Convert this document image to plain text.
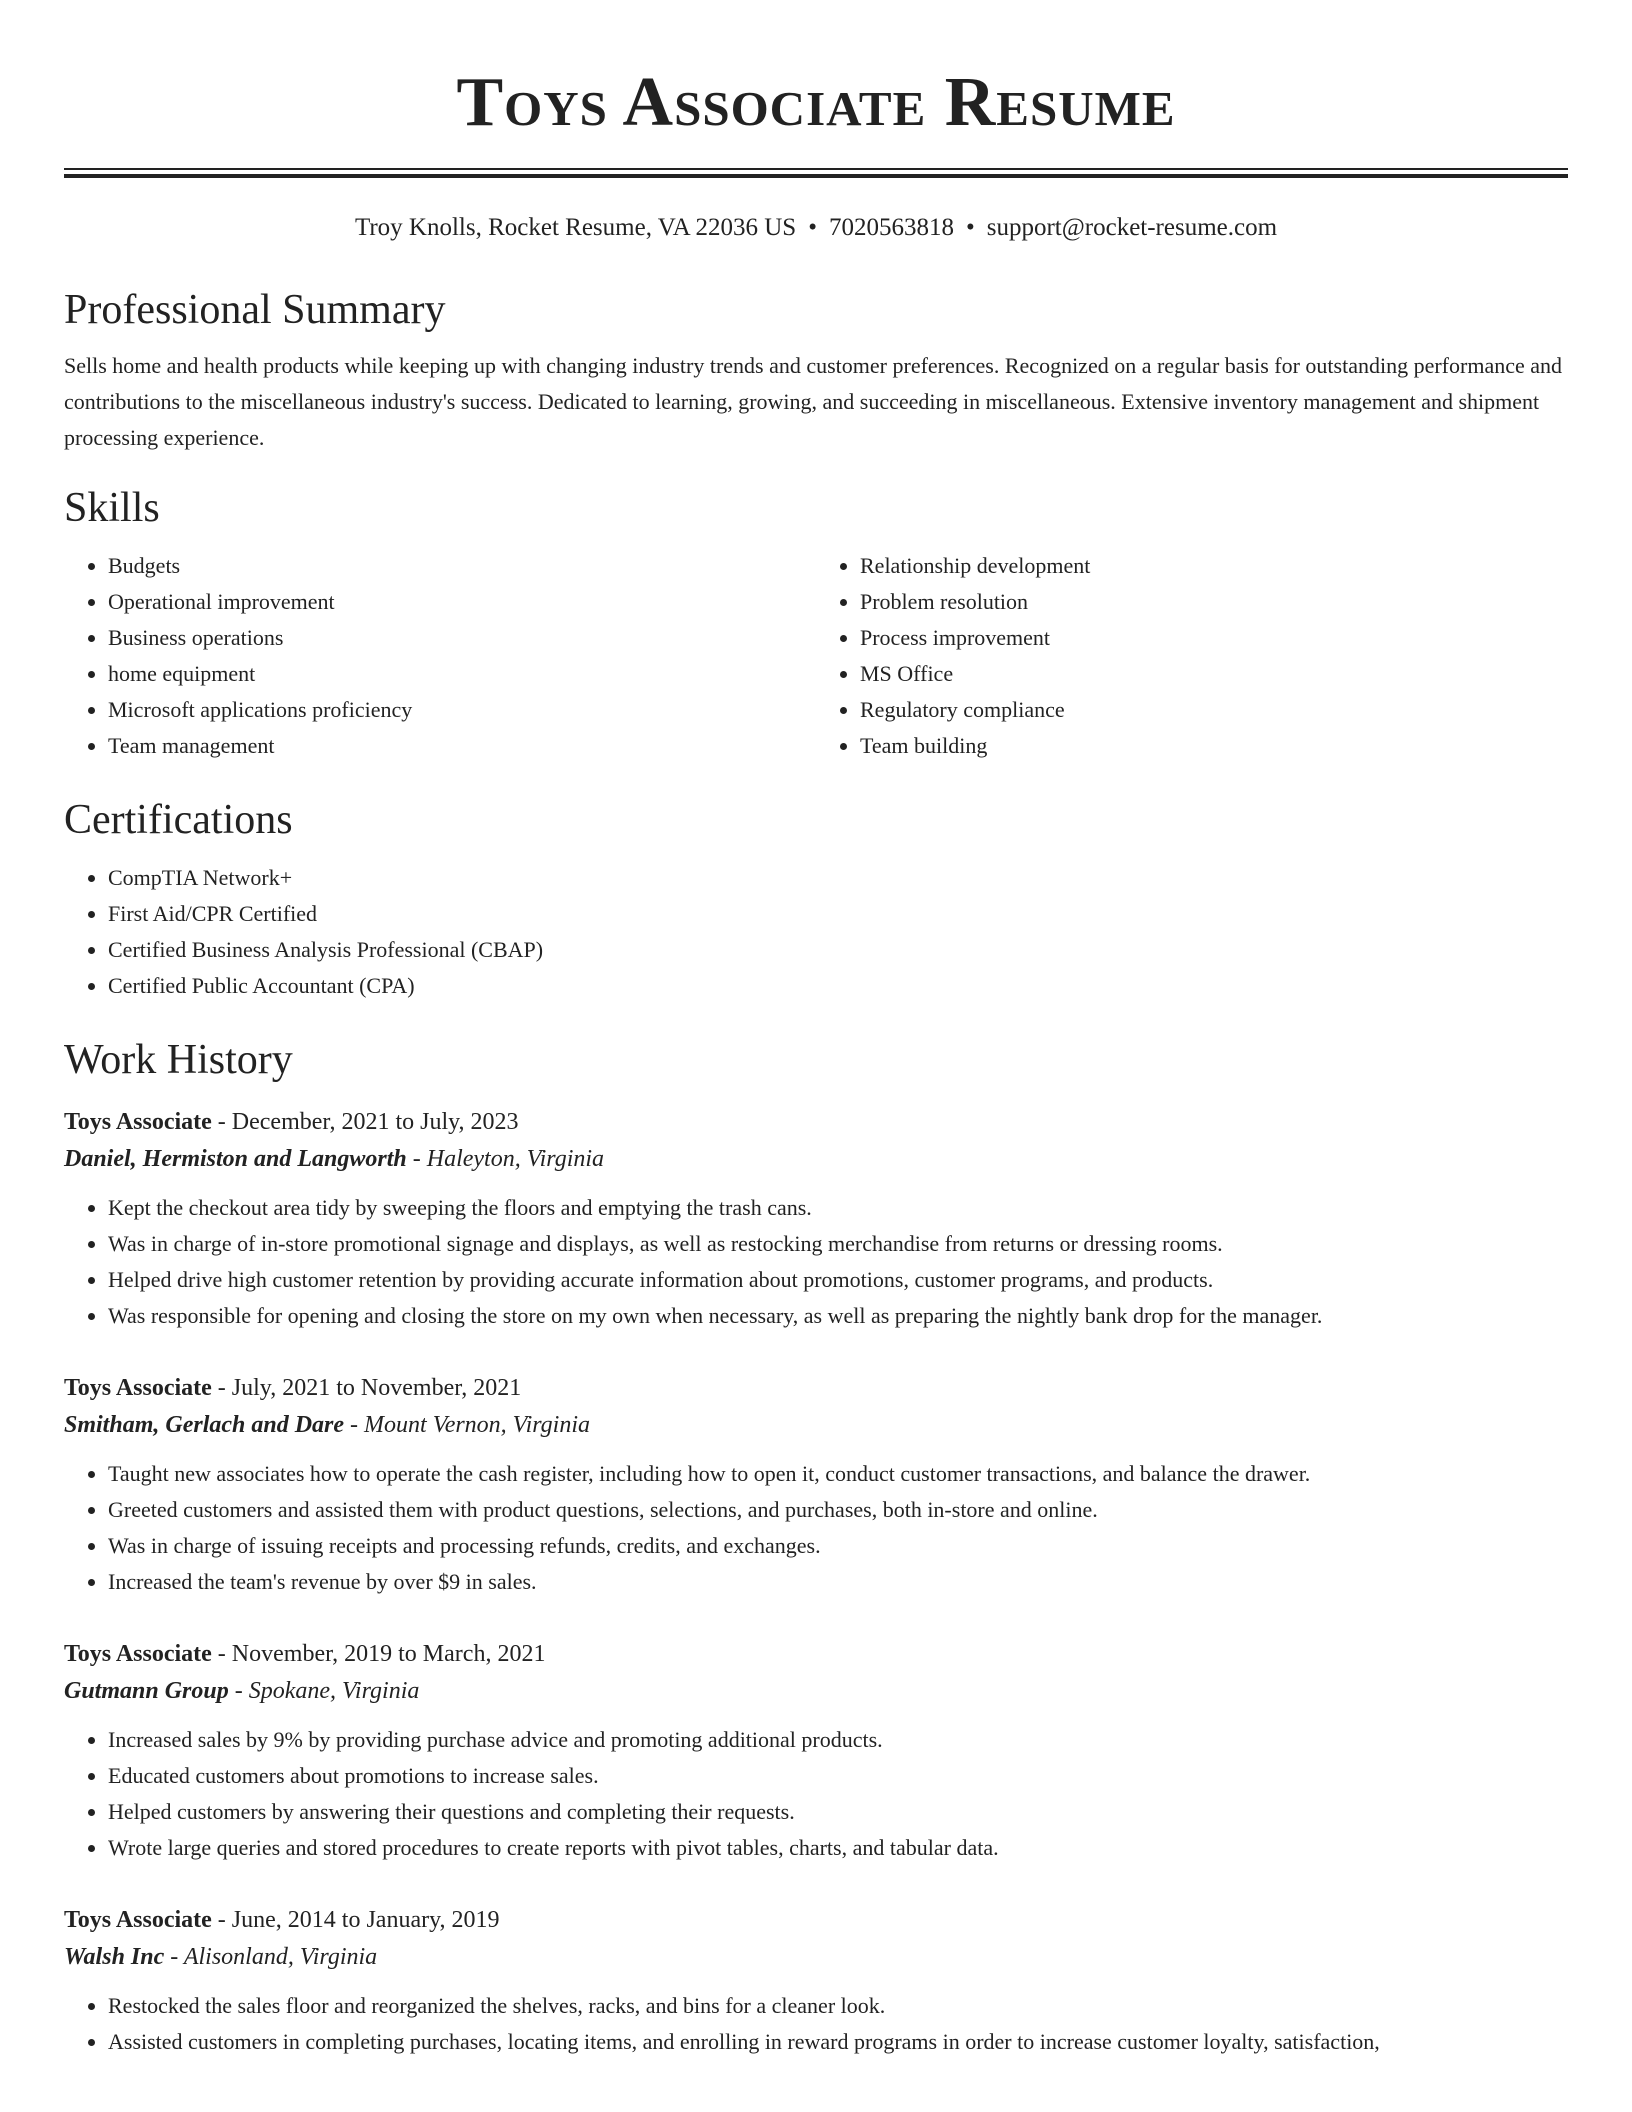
Toys Associate Resume
Troy Knolls, Rocket Resume, VA 22036 US • 7020563818 • support@rocket-resume.com
Professional Summary
Sells home and health products while keeping up with changing industry trends and customer preferences. Recognized on a regular basis for outstanding performance and contributions to the miscellaneous industry's success. Dedicated to learning, growing, and succeeding in miscellaneous. Extensive inventory management and shipment processing experience.
Skills
• Budgets
• Operational improvement
• Business operations
• home equipment
• Microsoft applications proficiency
• Team management
• Relationship development
• Problem resolution
• Process improvement
• MS Office
• Regulatory compliance
• Team building
Certifications
• CompTIA Network+
• First Aid/CPR Certified
• Certified Business Analysis Professional (CBAP)
• Certified Public Accountant (CPA)
Work History
Toys Associate - December, 2021 to July, 2023
Daniel, Hermiston and Langworth - Haleyton, Virginia
• Kept the checkout area tidy by sweeping the floors and emptying the trash cans.
• Was in charge of in-store promotional signage and displays, as well as restocking merchandise from returns or dressing rooms.
• Helped drive high customer retention by providing accurate information about promotions, customer programs, and products.
• Was responsible for opening and closing the store on my own when necessary, as well as preparing the nightly bank drop for the manager.
Toys Associate - July, 2021 to November, 2021
Smitham, Gerlach and Dare - Mount Vernon, Virginia
• Taught new associates how to operate the cash register, including how to open it, conduct customer transactions, and balance the drawer.
• Greeted customers and assisted them with product questions, selections, and purchases, both in-store and online.
• Was in charge of issuing receipts and processing refunds, credits, and exchanges.
• Increased the team's revenue by over $9 in sales.
Toys Associate - November, 2019 to March, 2021
Gutmann Group - Spokane, Virginia
• Increased sales by 9% by providing purchase advice and promoting additional products.
• Educated customers about promotions to increase sales.
• Helped customers by answering their questions and completing their requests.
• Wrote large queries and stored procedures to create reports with pivot tables, charts, and tabular data.
Toys Associate - June, 2014 to January, 2019
Walsh Inc - Alisonland, Virginia
• Restocked the sales floor and reorganized the shelves, racks, and bins for a cleaner look.
• Assisted customers in completing purchases, locating items, and enrolling in reward programs in order to increase customer loyalty, satisfaction,
